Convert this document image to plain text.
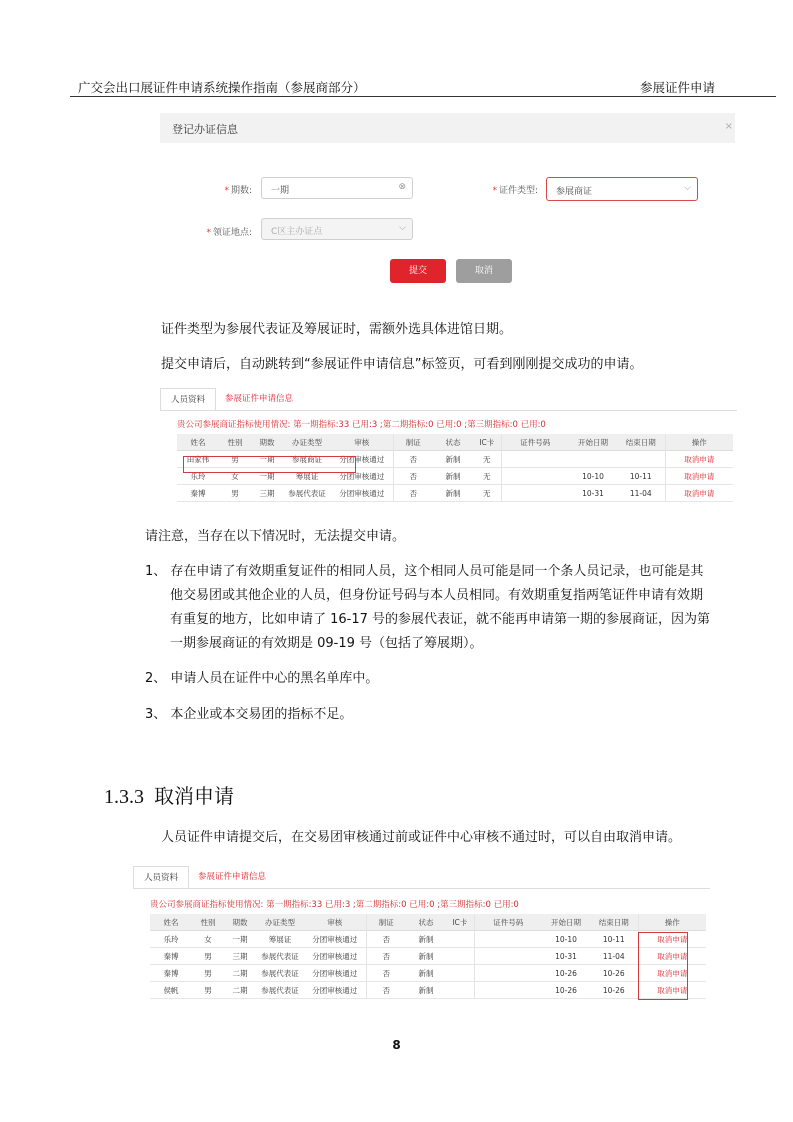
广交会出口展证件申请系统操作指南（参展商部分）	参展证件申请
登记办证信息	×
* 期数: 一期	⊗	* 证件类型: 参展商证	⌵
* 领证地点: C区主办证点	⌵
提交	取消
证件类型为参展代表证及筹展证时，需额外选具体进馆日期。
提交申请后，自动跳转到“参展证件申请信息”标签页，可看到刚刚提交成功的申请。
人员资料	参展证件申请信息
贵公司参展商证指标使用情况: 第一期指标:33 已用:3 ;第二期指标:0 已用:0 ;第三期指标:0 已用:0
姓名	性别	期数	办证类型	审核	制证	状态	IC卡	证件号码	开始日期	结束日期	操作
田家伟	男	一期	参展商证	分团审核通过	否	新制	无				取消申请
乐玲	女	一期	筹展证	分团审核通过	否	新制	无		10-10	10-11	取消申请
秦博	男	三期	参展代表证	分团审核通过	否	新制	无		10-31	11-04	取消申请
请注意，当存在以下情况时，无法提交申请。
1、 存在申请了有效期重复证件的相同人员，这个相同人员可能是同一个条人员记录，也可能是其
他交易团或其他企业的人员，但身份证号码与本人员相同。有效期重复指两笔证件申请有效期
有重复的地方，比如申请了 16-17 号的参展代表证，就不能再申请第一期的参展商证，因为第
一期参展商证的有效期是 09-19 号（包括了筹展期）。
2、 申请人员在证件中心的黑名单库中。
3、 本企业或本交易团的指标不足。
1.3.3 取消申请
人员证件申请提交后，在交易团审核通过前或证件中心审核不通过时，可以自由取消申请。
人员资料	参展证件申请信息
贵公司参展商证指标使用情况: 第一期指标:33 已用:3 ;第二期指标:0 已用:0 ;第三期指标:0 已用:0
姓名	性别	期数	办证类型	审核	制证	状态	IC卡	证件号码	开始日期	结束日期	操作
乐玲	女	一期	筹展证	分团审核通过	否	新制			10-10	10-11	取消申请
秦博	男	三期	参展代表证	分团审核通过	否	新制			10-31	11-04	取消申请
秦博	男	二期	参展代表证	分团审核通过	否	新制			10-26	10-26	取消申请
侯帆	男	二期	参展代表证	分团审核通过	否	新制			10-26	10-26	取消申请
8
